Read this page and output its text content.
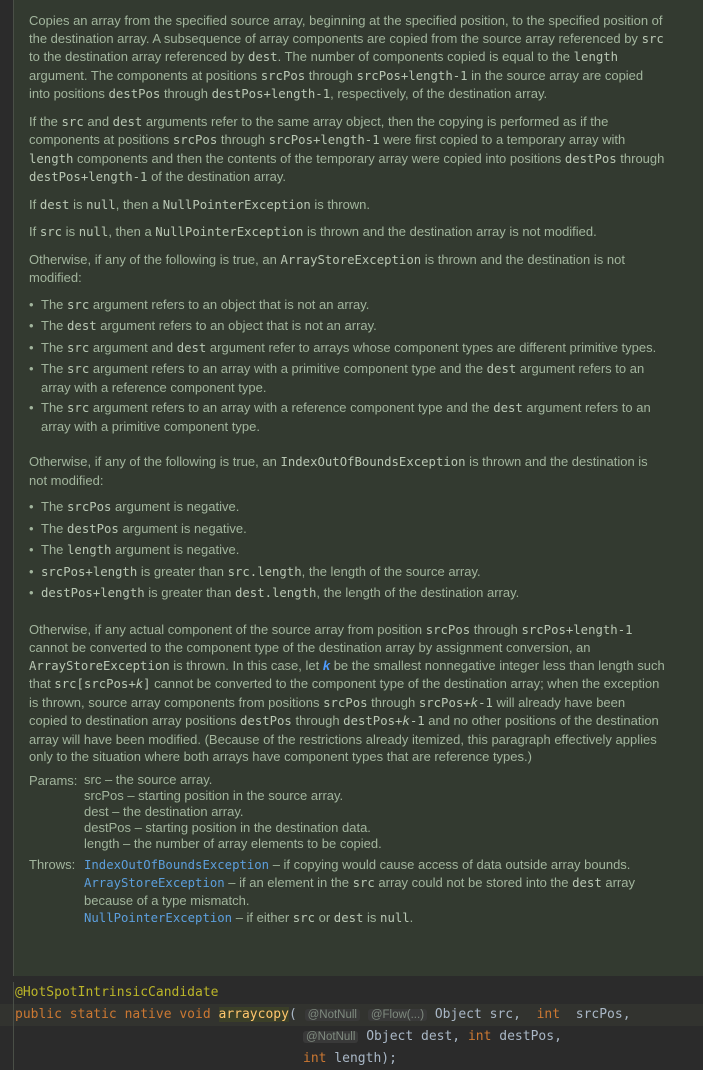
Copies an array from the specified source array, beginning at the specified position, to the specified position of the destination array. A subsequence of array components are copied from the source array referenced by src to the destination array referenced by dest. The number of components copied is equal to the length argument. The components at positions srcPos through srcPos+length-1 in the source array are copied into positions destPos through destPos+length-1, respectively, of the destination array.

If the src and dest arguments refer to the same array object, then the copying is performed as if the components at positions srcPos through srcPos+length-1 were first copied to a temporary array with length components and then the contents of the temporary array were copied into positions destPos through destPos+length-1 of the destination array.

If dest is null, then a NullPointerException is thrown.

If src is null, then a NullPointerException is thrown and the destination array is not modified.

Otherwise, if any of the following is true, an ArrayStoreException is thrown and the destination is not modified:

• The src argument refers to an object that is not an array.
• The dest argument refers to an object that is not an array.
• The src argument and dest argument refer to arrays whose component types are different primitive types.
• The src argument refers to an array with a primitive component type and the dest argument refers to an array with a reference component type.
• The src argument refers to an array with a reference component type and the dest argument refers to an array with a primitive component type.

Otherwise, if any of the following is true, an IndexOutOfBoundsException is thrown and the destination is not modified:

• The srcPos argument is negative.
• The destPos argument is negative.
• The length argument is negative.
• srcPos+length is greater than src.length, the length of the source array.
• destPos+length is greater than dest.length, the length of the destination array.

Otherwise, if any actual component of the source array from position srcPos through srcPos+length-1 cannot be converted to the component type of the destination array by assignment conversion, an ArrayStoreException is thrown. In this case, let k be the smallest nonnegative integer less than length such that src[srcPos+k] cannot be converted to the component type of the destination array; when the exception is thrown, source array components from positions srcPos through srcPos+k-1 will already have been copied to destination array positions destPos through destPos+k-1 and no other positions of the destination array will have been modified. (Because of the restrictions already itemized, this paragraph effectively applies only to the situation where both arrays have component types that are reference types.)

Params: src – the source array.
srcPos – starting position in the source array.
dest – the destination array.
destPos – starting position in the destination data.
length – the number of array elements to be copied.
Throws: IndexOutOfBoundsException – if copying would cause access of data outside array bounds.
ArrayStoreException – if an element in the src array could not be stored into the dest array because of a type mismatch.
NullPointerException – if either src or dest is null.
@HotSpotIntrinsicCandidate
public static native void arraycopy( @NotNull @Flow(...) Object src,  int  srcPos,
@NotNull Object dest, int destPos,
int length);
